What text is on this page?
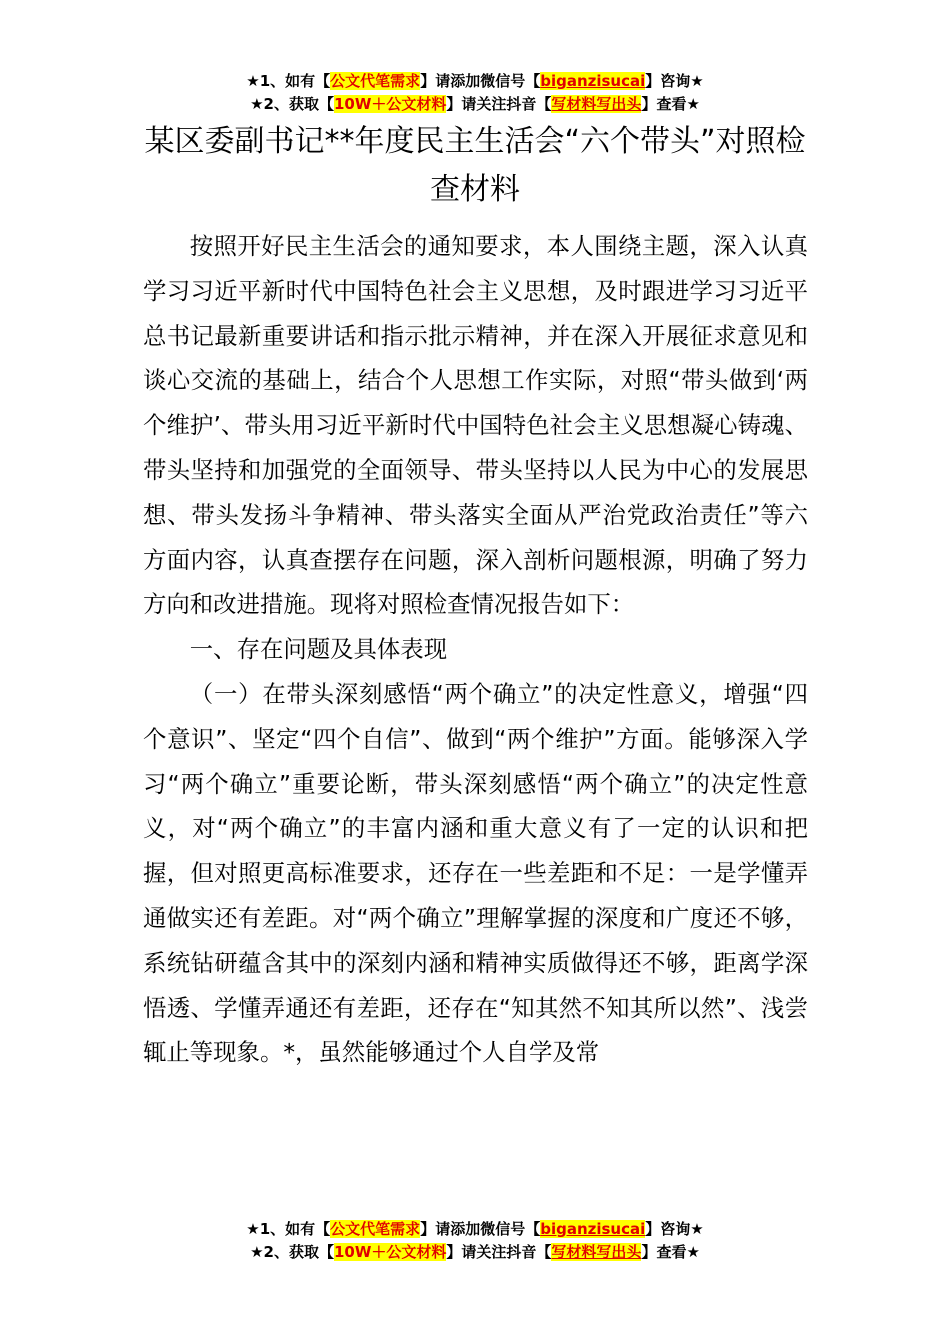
★1、如有【公文代笔需求】请添加微信号【biganzisucai】咨询★
★2、获取【10W＋公文材料】请关注抖音【写材料写出头】查看★
某区委副书记**年度民主生活会“六个带头”对照检查材料

按照开好民主生活会的通知要求，本人围绕主题，深入认真学习习近平新时代中国特色社会主义思想，及时跟进学习习近平总书记最新重要讲话和指示批示精神，并在深入开展征求意见和谈心交流的基础上，结合个人思想工作实际，对照“带头做到‘两个维护’、带头用习近平新时代中国特色社会主义思想凝心铸魂、带头坚持和加强党的全面领导、带头坚持以人民为中心的发展思想、带头发扬斗争精神、带头落实全面从严治党政治责任”等六方面内容，认真查摆存在问题，深入剖析问题根源，明确了努力方向和改进措施。现将对照检查情况报告如下：

一、存在问题及具体表现

（一）在带头深刻感悟“两个确立”的决定性意义，增强“四个意识”、坚定“四个自信”、做到“两个维护”方面。能够深入学习“两个确立”重要论断，带头深刻感悟“两个确立”的决定性意义，对“两个确立”的丰富内涵和重大意义有了一定的认识和把握，但对照更高标准要求，还存在一些差距和不足：一是学懂弄通做实还有差距。对“两个确立”理解掌握的深度和广度还不够，系统钻研蕴含其中的深刻内涵和精神实质做得还不够，距离学深悟透、学懂弄通还有差距，还存在“知其然不知其所以然”、浅尝辄止等现象。*，虽然能够通过个人自学及常

★1、如有【公文代笔需求】请添加微信号【biganzisucai】咨询★
★2、获取【10W＋公文材料】请关注抖音【写材料写出头】查看★
